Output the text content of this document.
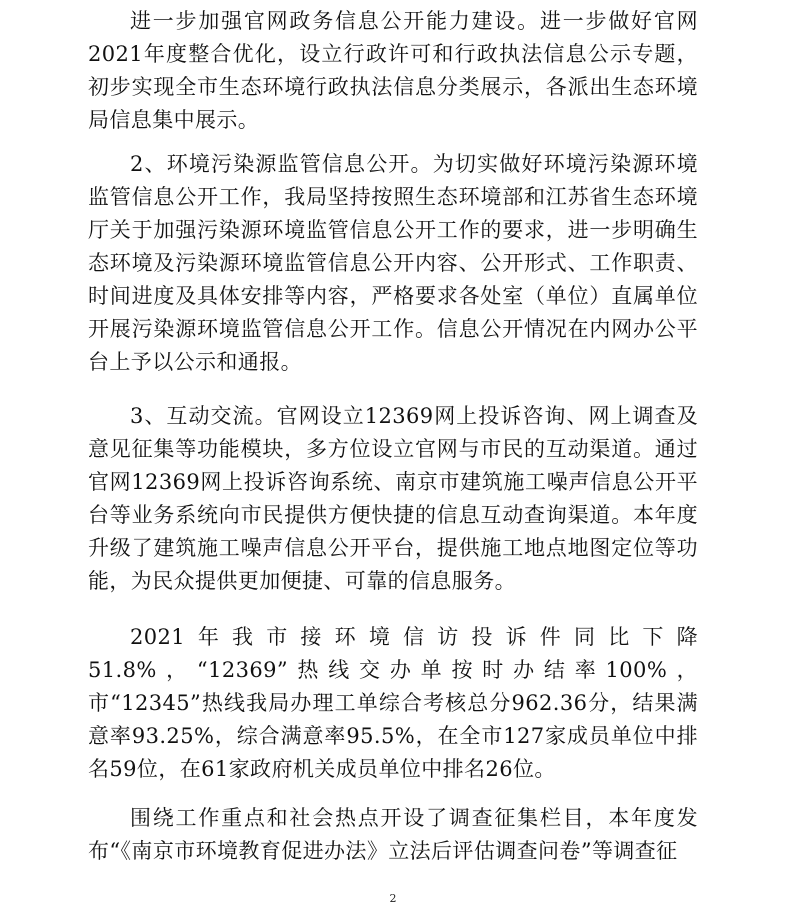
进一步加强官网政务信息公开能力建设。进一步做好官网2021年度整合优化，设立行政许可和行政执法信息公示专题，初步实现全市生态环境行政执法信息分类展示，各派出生态环境局信息集中展示。

2、环境污染源监管信息公开。为切实做好环境污染源环境监管信息公开工作，我局坚持按照生态环境部和江苏省生态环境厅关于加强污染源环境监管信息公开工作的要求，进一步明确生态环境及污染源环境监管信息公开内容、公开形式、工作职责、时间进度及具体安排等内容，严格要求各处室（单位）直属单位开展污染源环境监管信息公开工作。信息公开情况在内网办公平台上予以公示和通报。

3、互动交流。官网设立12369网上投诉咨询、网上调查及意见征集等功能模块，多方位设立官网与市民的互动渠道。通过官网12369网上投诉咨询系统、南京市建筑施工噪声信息公开平台等业务系统向市民提供方便快捷的信息互动查询渠道。本年度升级了建筑施工噪声信息公开平台，提供施工地点地图定位等功能，为民众提供更加便捷、可靠的信息服务。

2021年我市接环境信访投诉件同比下降51.8%，“12369”热线交办单按时办结率100%，市“12345”热线我局办理工单综合考核总分962.36分，结果满意率93.25%，综合满意率95.5%，在全市127家成员单位中排名59位，在61家政府机关成员单位中排名26位。

围绕工作重点和社会热点开设了调查征集栏目，本年度发布“《南京市环境教育促进办法》立法后评估调查问卷”等调查征

2
